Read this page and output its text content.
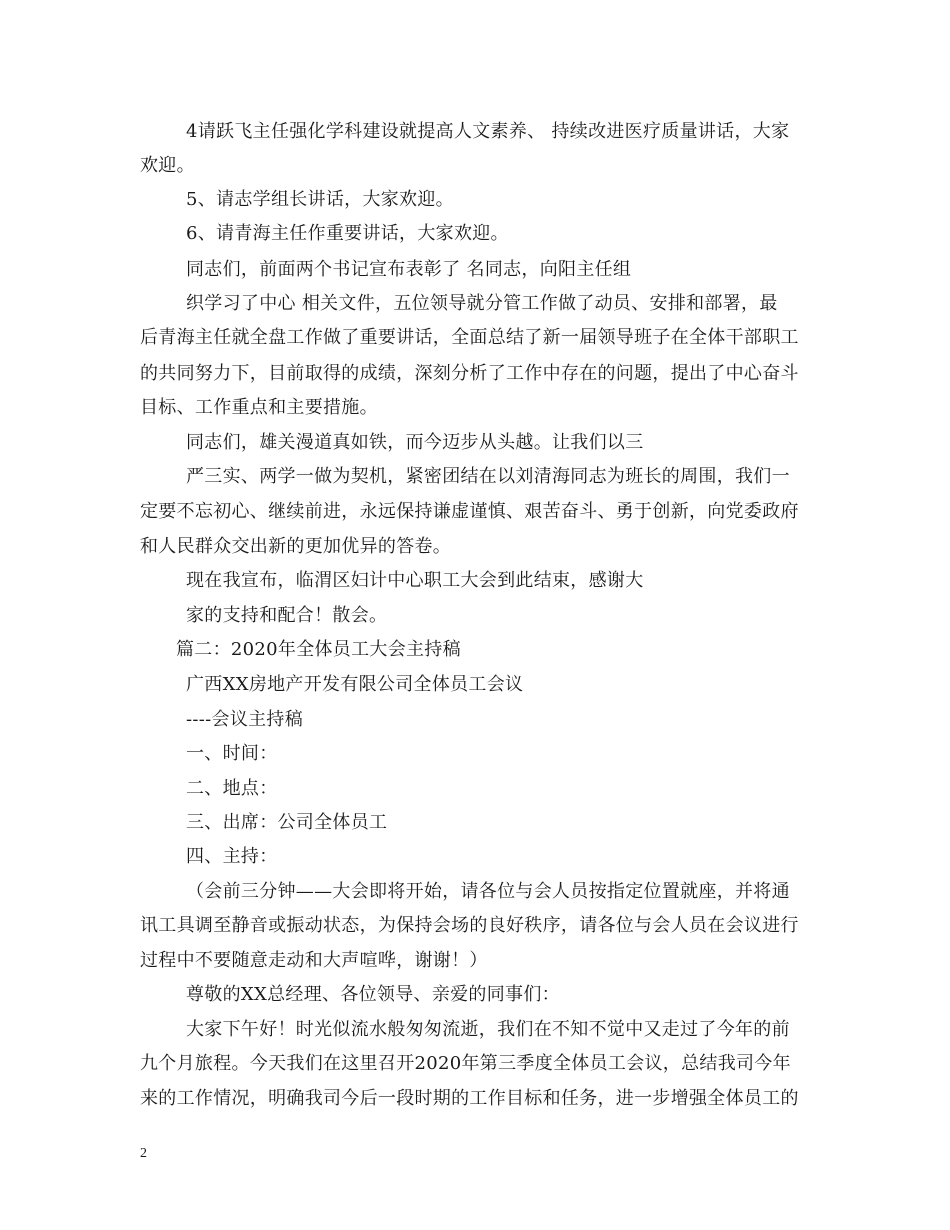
4请跃飞主任强化学科建设就提高人文素养、 持续改进医疗质量讲话，大家
欢迎。
5、请志学组长讲话，大家欢迎。
6、请青海主任作重要讲话，大家欢迎。
同志们，前面两个书记宣布表彰了 名同志，向阳主任组
织学习了中心 相关文件，五位领导就分管工作做了动员、安排和部署，最
后青海主任就全盘工作做了重要讲话，全面总结了新一届领导班子在全体干部职工
的共同努力下，目前取得的成绩，深刻分析了工作中存在的问题，提出了中心奋斗
目标、工作重点和主要措施。
同志们，雄关漫道真如铁，而今迈步从头越。让我们以三
严三实、两学一做为契机，紧密团结在以刘清海同志为班长的周围，我们一
定要不忘初心、继续前进，永远保持谦虚谨慎、艰苦奋斗、勇于创新，向党委政府
和人民群众交出新的更加优异的答卷。
现在我宣布，临渭区妇计中心职工大会到此结束，感谢大
家的支持和配合！散会。
篇二：2020年全体员工大会主持稿
广西XX房地产开发有限公司全体员工会议
----会议主持稿
一、时间：
二、地点：
三、出席：公司全体员工
四、主持：
（会前三分钟——大会即将开始，请各位与会人员按指定位置就座，并将通
讯工具调至静音或振动状态，为保持会场的良好秩序，请各位与会人员在会议进行
过程中不要随意走动和大声喧哗，谢谢！）
尊敬的XX总经理、各位领导、亲爱的同事们：
大家下午好！时光似流水般匆匆流逝，我们在不知不觉中又走过了今年的前
九个月旅程。今天我们在这里召开2020年第三季度全体员工会议，总结我司今年
来的工作情况，明确我司今后一段时期的工作目标和任务，进一步增强全体员工的
2
